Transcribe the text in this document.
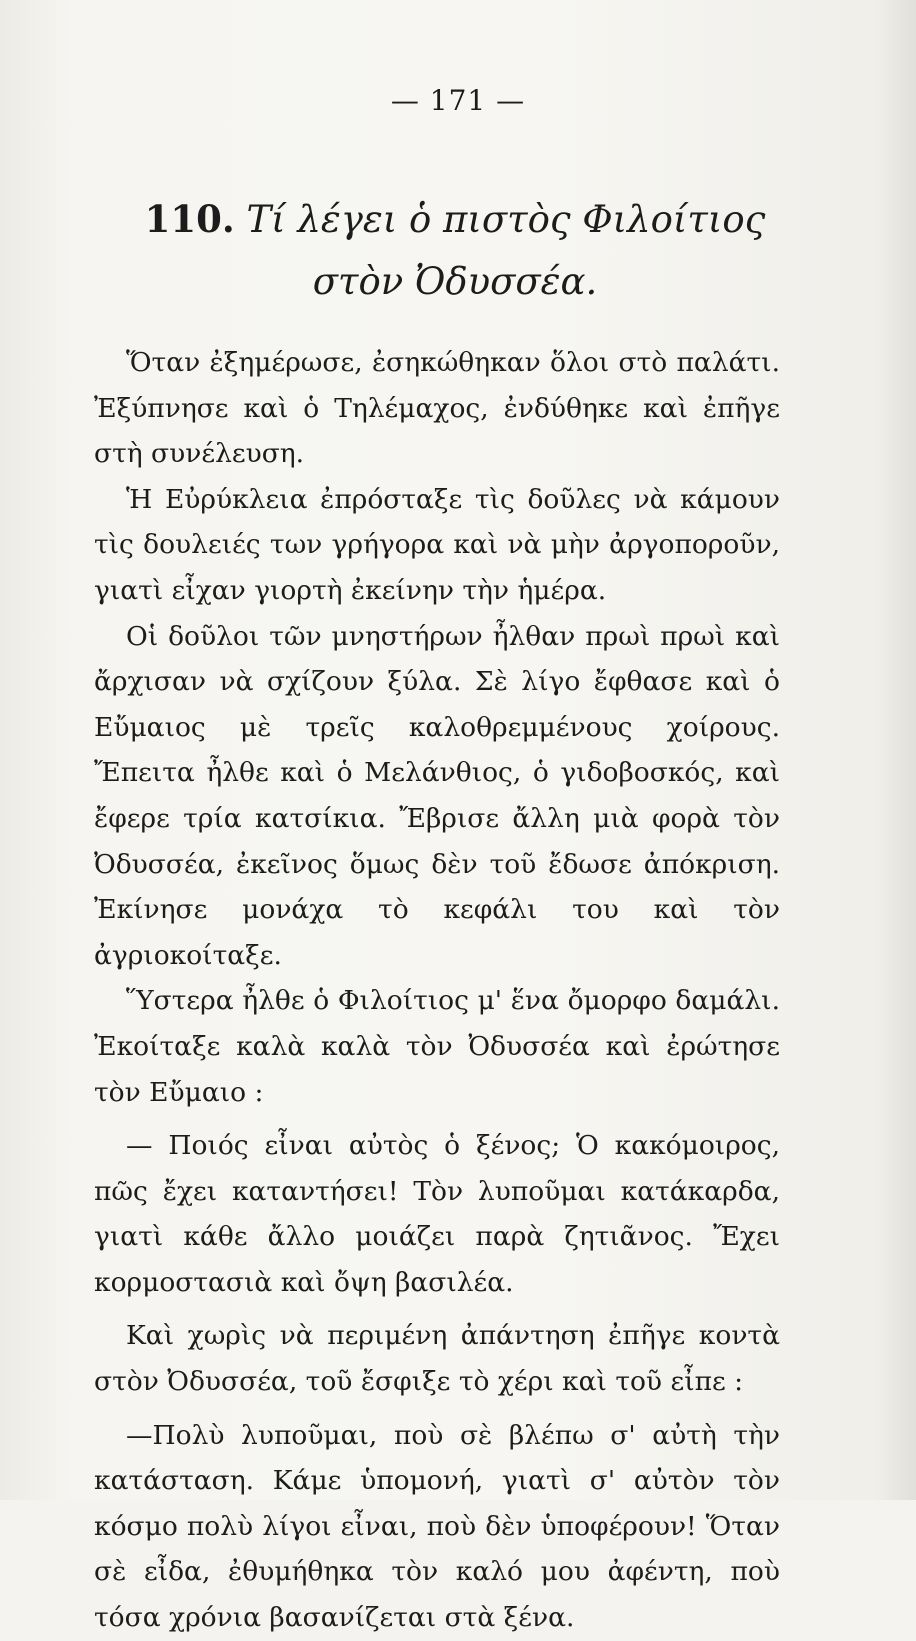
— 171 —
110. Τί λέγει ὁ πιστὸς Φιλοίτιος
στὸν Ὀδυσσέα.

Ὅταν ἐξημέρωσε, ἐσηκώθηκαν ὅλοι στὸ παλάτι. Ἐξύπνησε καὶ ὁ Τηλέμαχος, ἐνδύθηκε καὶ ἐπῆγε στὴ συνέλευση.

Ἡ Εὐρύκλεια ἐπρόσταξε τὶς δοῦλες νὰ κάμουν τὶς δουλειές των γρήγορα καὶ νὰ μὴν ἀργοποροῦν, γιατὶ εἶχαν γιορτὴ ἐκείνην τὴν ἡμέρα.

Οἱ δοῦλοι τῶν μνηστήρων ἦλθαν πρωὶ πρωὶ καὶ ἄρχισαν νὰ σχίζουν ξύλα. Σὲ λίγο ἔφθασε καὶ ὁ Εὔμαιος μὲ τρεῖς καλοθρεμμένους χοίρους. Ἔπειτα ἦλθε καὶ ὁ Μελάνθιος, ὁ γιδοβοσκός, καὶ ἔφερε τρία κατσίκια. Ἔβρισε ἄλλη μιὰ φορὰ τὸν Ὀδυσσέα, ἐκεῖνος ὅμως δὲν τοῦ ἔδωσε ἀπόκριση. Ἐκίνησε μονάχα τὸ κεφάλι του καὶ τὸν ἀγριοκοίταξε.

Ὕστερα ἦλθε ὁ Φιλοίτιος μ' ἕνα ὄμορφο δαμάλι. Ἐκοίταξε καλὰ καλὰ τὸν Ὀδυσσέα καὶ ἐρώτησε τὸν Εὔμαιο :

— Ποιός εἶναι αὐτὸς ὁ ξένος; Ὁ κακόμοιρος, πῶς ἔχει καταντήσει! Τὸν λυποῦμαι κατάκαρδα, γιατὶ κάθε ἄλλο μοιάζει παρὰ ζητιᾶνος. Ἔχει κορμοστασιὰ καὶ ὄψη βασιλέα.

Καὶ χωρὶς νὰ περιμένη ἀπάντηση ἐπῆγε κοντὰ στὸν Ὀδυσσέα, τοῦ ἔσφιξε τὸ χέρι καὶ τοῦ εἶπε :

—Πολὺ λυποῦμαι, ποὺ σὲ βλέπω σ' αὐτὴ τὴν κατάσταση. Κάμε ὑπομονή, γιατὶ σ' αὐτὸν τὸν κόσμο πολὺ λίγοι εἶναι, ποὺ δὲν ὑποφέρουν! Ὅταν σὲ εἶδα, ἐθυμήθηκα τὸν καλό μου ἀφέντη, ποὺ τόσα χρόνια βασανίζεται στὰ ξένα.
